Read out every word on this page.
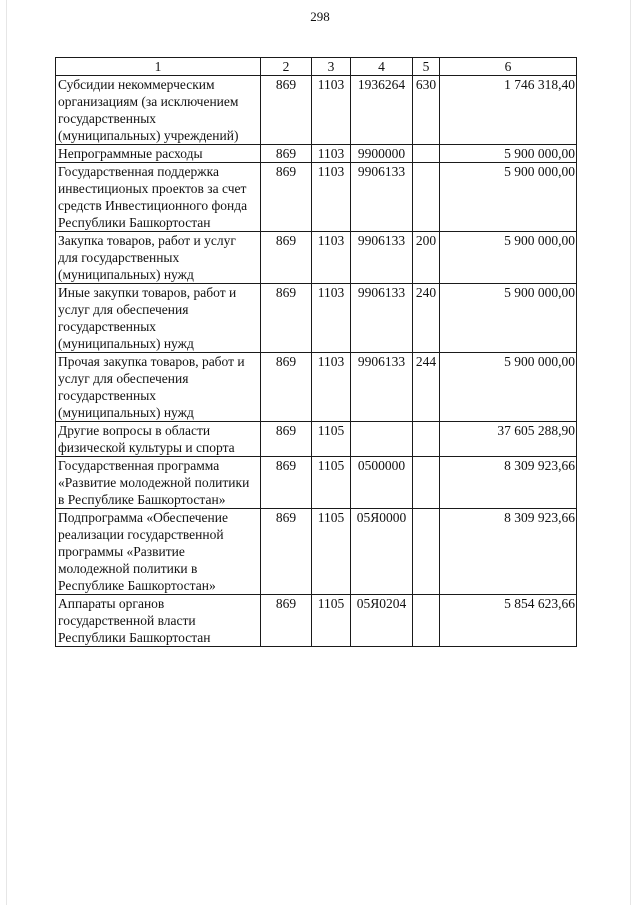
298
1	2	3	4	5	6
Субсидии некоммерческим организациям (за исключением государственных (муниципальных) учреждений)	869	1103	1936264	630	1 746 318,40
Непрограммные расходы	869	1103	9900000		5 900 000,00
Государственная поддержка инвестиционых проектов за счет средств Инвестиционного фонда Республики Башкортостан	869	1103	9906133		5 900 000,00
Закупка товаров, работ и услуг для государственных (муниципальных) нужд	869	1103	9906133	200	5 900 000,00
Иные закупки товаров, работ и услуг для обеспечения государственных (муниципальных) нужд	869	1103	9906133	240	5 900 000,00
Прочая закупка товаров, работ и услуг для обеспечения государственных (муниципальных) нужд	869	1103	9906133	244	5 900 000,00
Другие вопросы в области физической культуры и спорта	869	1105			37 605 288,90
Государственная программа «Развитие молодежной политики в Республике Башкортостан»	869	1105	0500000		8 309 923,66
Подпрограмма «Обеспечение реализации государственной программы «Развитие молодежной политики в Республике Башкортостан»	869	1105	05Я0000		8 309 923,66
Аппараты органов государственной власти Республики Башкортостан	869	1105	05Я0204		5 854 623,66
